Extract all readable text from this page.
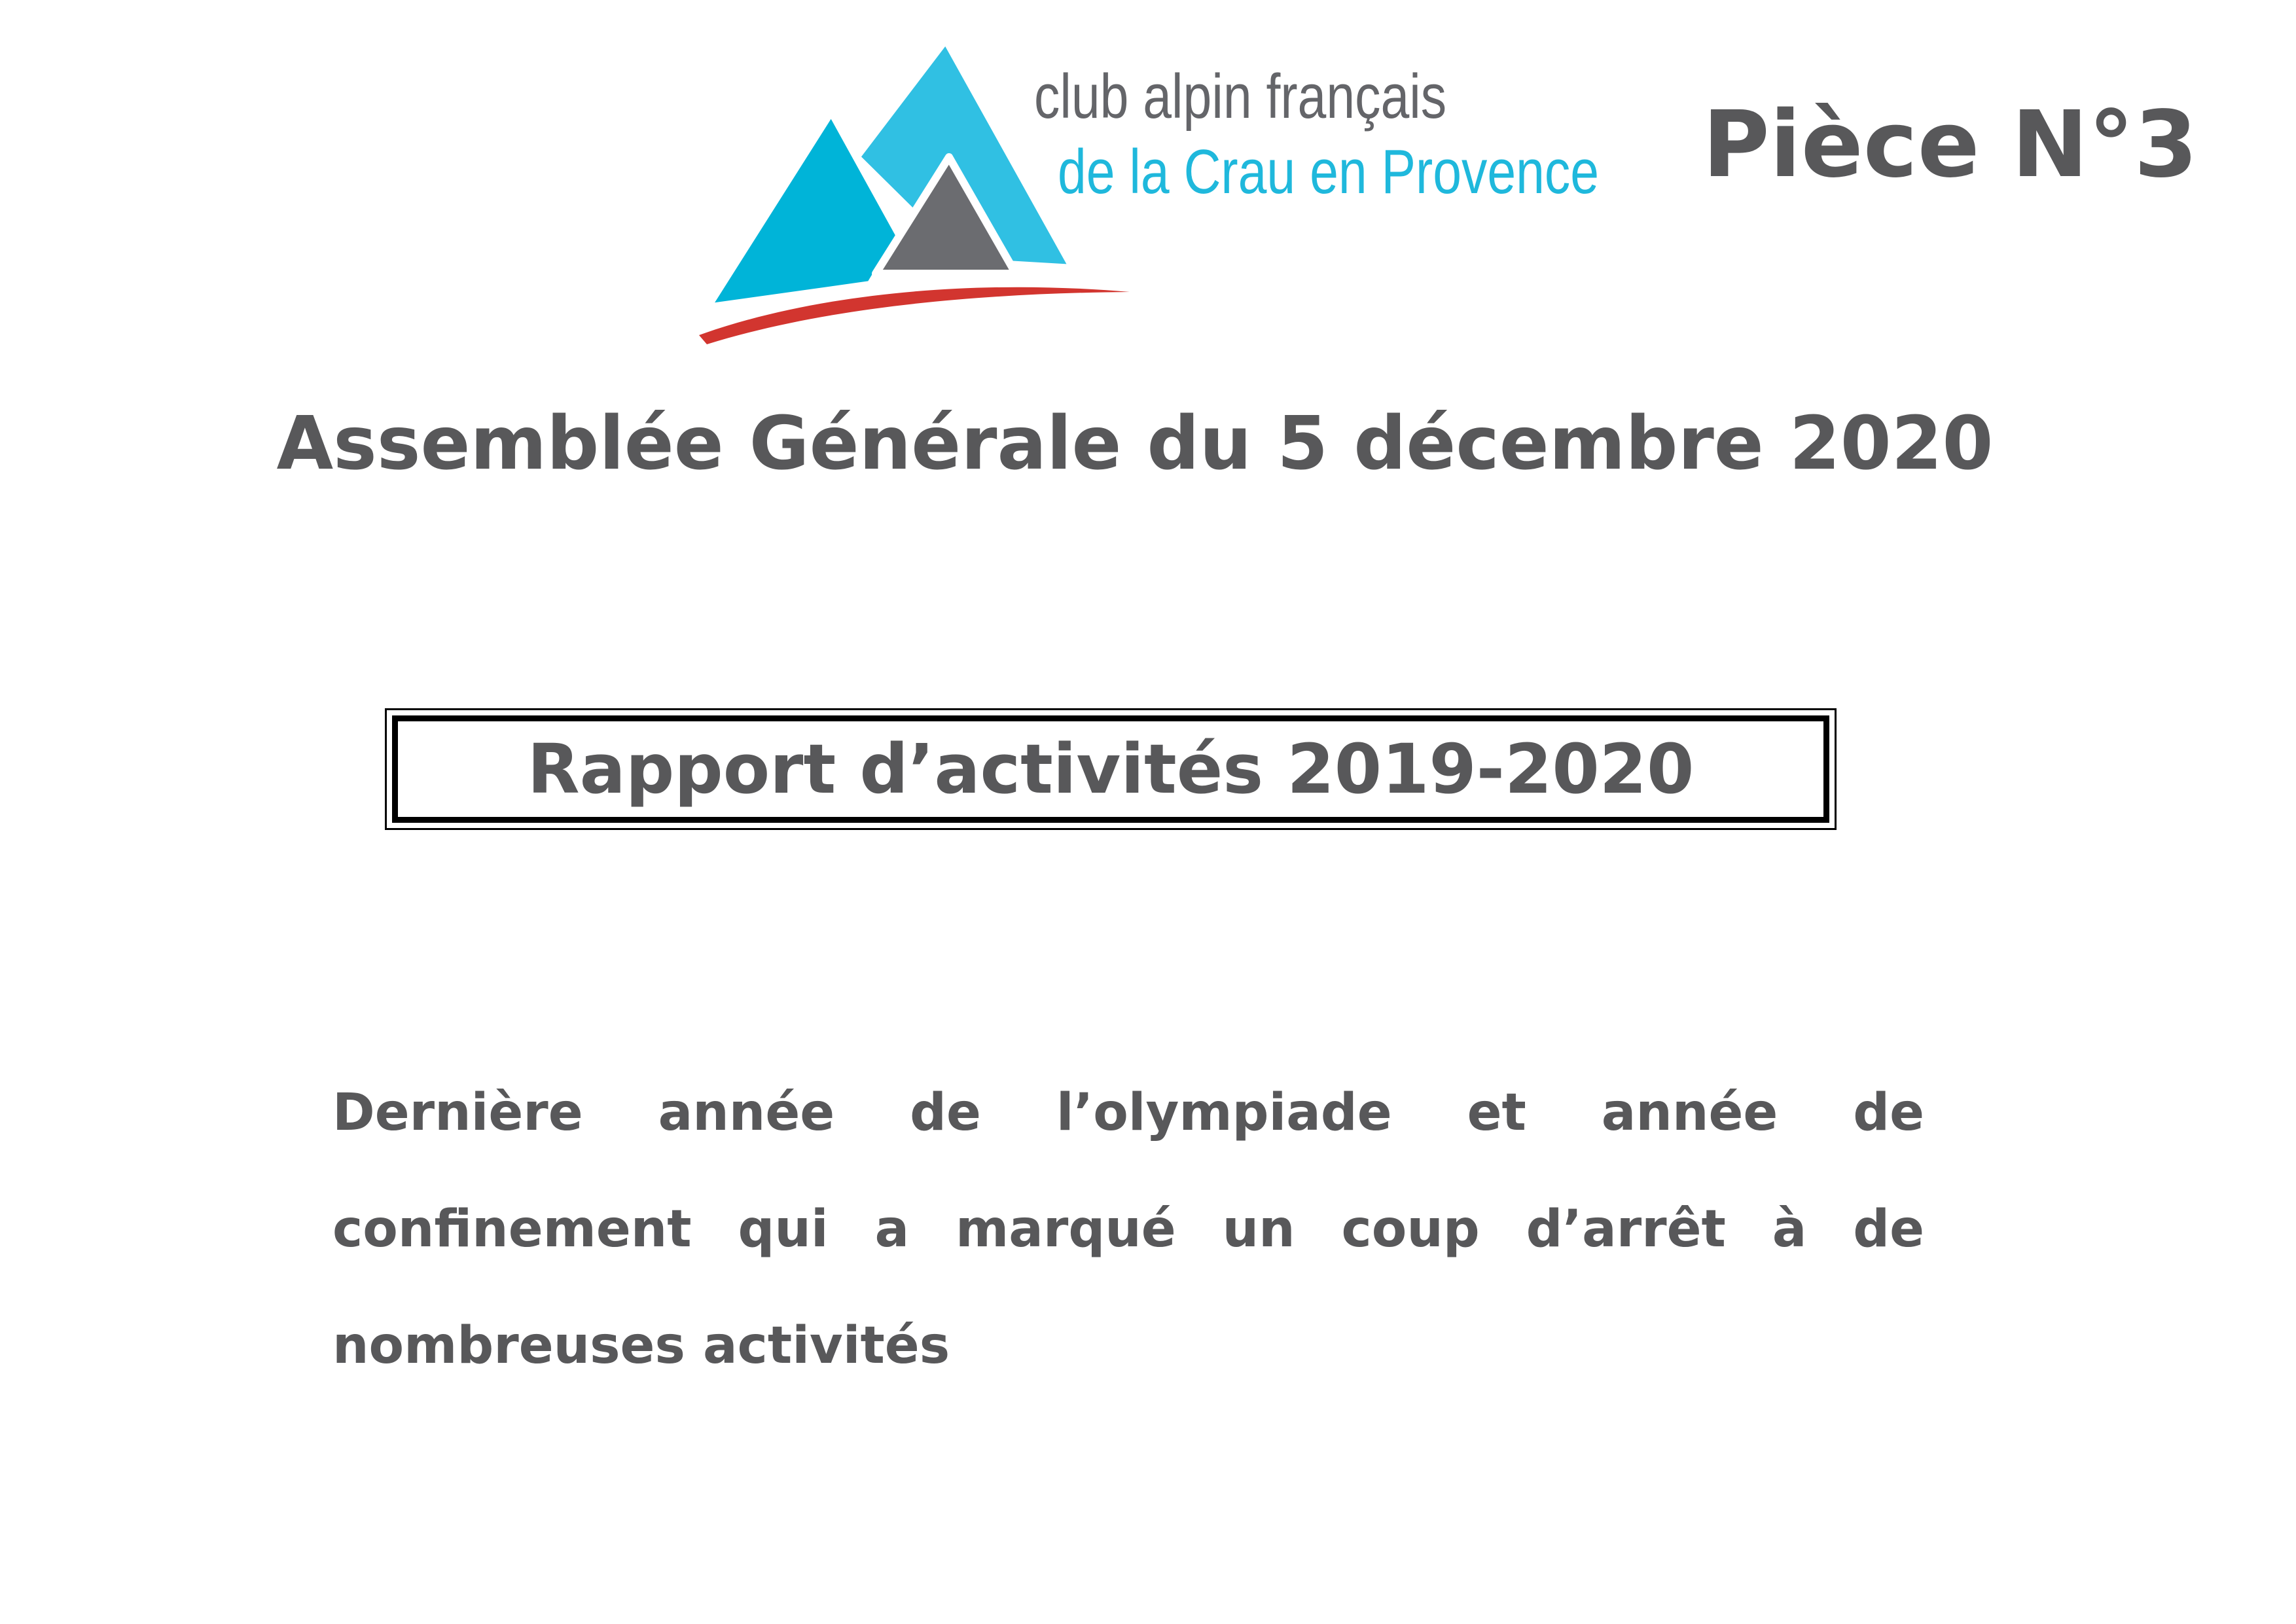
club alpin français
de la Crau en Provence Pièce N°3
Assemblée Générale du 5 décembre 2020
Rapport d’activités 2019-2020
Dernière année de l’olympiade et année de
confinement qui a marqué un coup d’arrêt à de
nombreuses activités
